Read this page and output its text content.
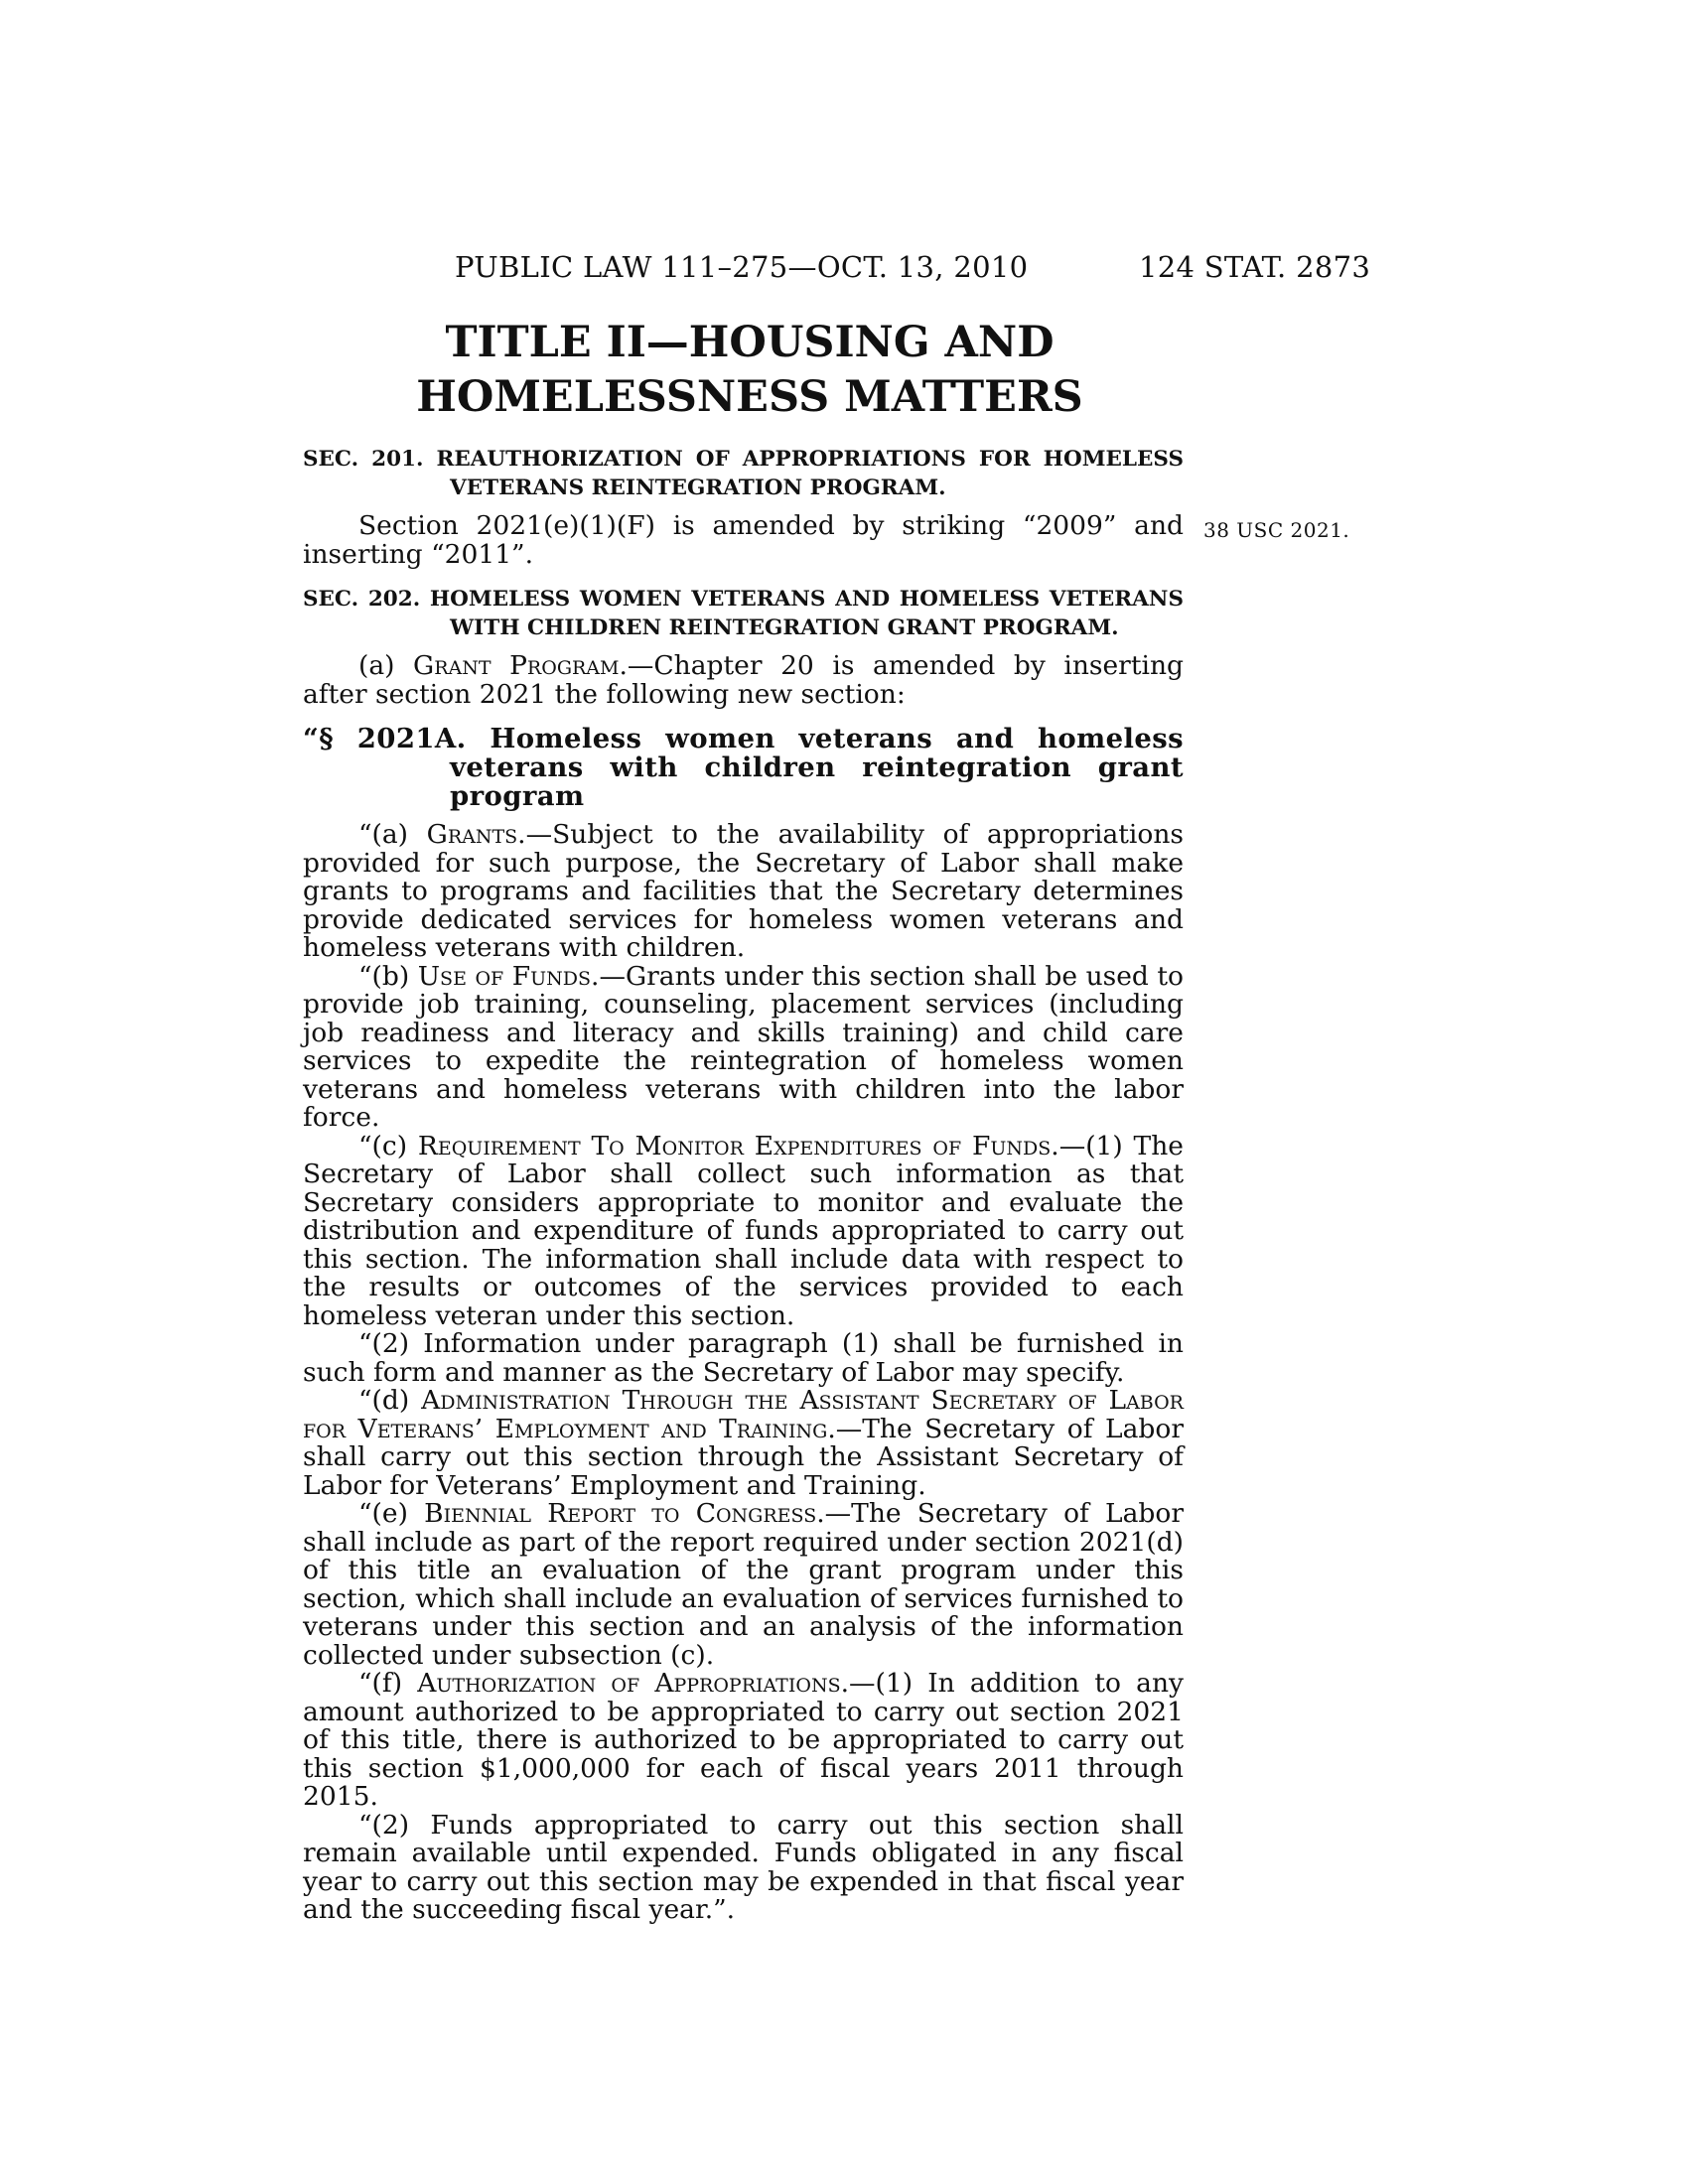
PUBLIC LAW 111–275—OCT. 13, 2010	124 STAT. 2873
TITLE II—HOUSING AND
HOMELESSNESS MATTERS
38 USC 2021.

SEC. 201. REAUTHORIZATION OF APPROPRIATIONS FOR HOMELESS VETERANS REINTEGRATION PROGRAM.

Section 2021(e)(1)(F) is amended by striking “2009” and inserting “2011”.

SEC. 202. HOMELESS WOMEN VETERANS AND HOMELESS VETERANS WITH CHILDREN REINTEGRATION GRANT PROGRAM.

(a) Grant Program.—Chapter 20 is amended by inserting after section 2021 the following new section:

“§ 2021A. Homeless women veterans and homeless veterans with children reintegration grant program

“(a) Grants.—Subject to the availability of appropriations provided for such purpose, the Secretary of Labor shall make grants to programs and facilities that the Secretary determines provide dedicated services for homeless women veterans and homeless veterans with children.

“(b) Use of Funds.—Grants under this section shall be used to provide job training, counseling, placement services (including job readiness and literacy and skills training) and child care services to expedite the reintegration of homeless women veterans and homeless veterans with children into the labor force.

“(c) Requirement To Monitor Expenditures of Funds.—(1) The Secretary of Labor shall collect such information as that Secretary considers appropriate to monitor and evaluate the distribution and expenditure of funds appropriated to carry out this section. The information shall include data with respect to the results or outcomes of the services provided to each homeless veteran under this section.

“(2) Information under paragraph (1) shall be furnished in such form and manner as the Secretary of Labor may specify.

“(d) Administration Through the Assistant Secretary of Labor for Veterans’ Employment and Training.—The Secretary of Labor shall carry out this section through the Assistant Secretary of Labor for Veterans’ Employment and Training.

“(e) Biennial Report to Congress.—The Secretary of Labor shall include as part of the report required under section 2021(d) of this title an evaluation of the grant program under this section, which shall include an evaluation of services furnished to veterans under this section and an analysis of the information collected under subsection (c).

“(f) Authorization of Appropriations.—(1) In addition to any amount authorized to be appropriated to carry out section 2021 of this title, there is authorized to be appropriated to carry out this section $1,000,000 for each of fiscal years 2011 through 2015.

“(2) Funds appropriated to carry out this section shall remain available until expended. Funds obligated in any fiscal year to carry out this section may be expended in that fiscal year and the succeeding fiscal year.”.
